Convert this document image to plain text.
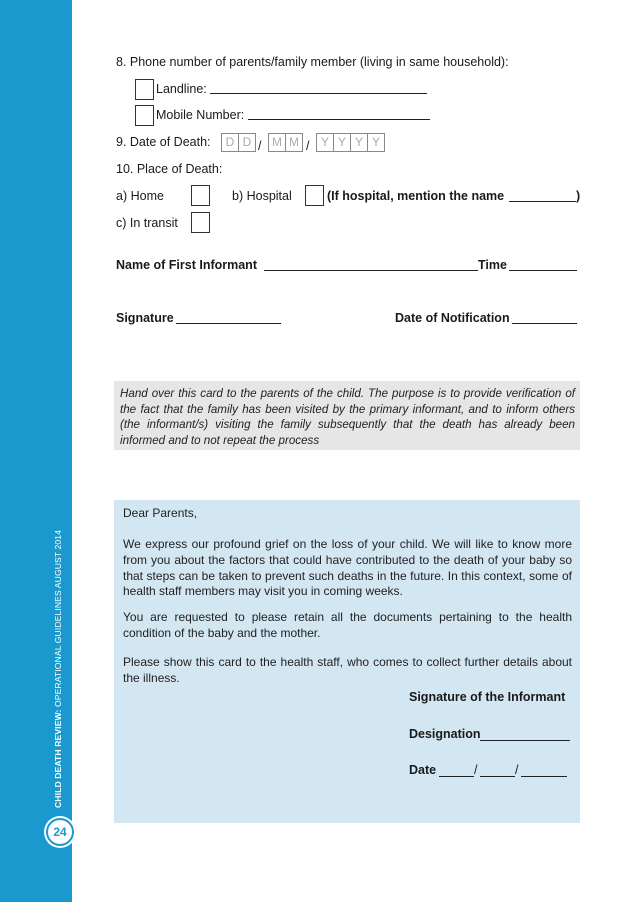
CHILD DEATH REVIEW: OPERATIONAL GUIDELINES AUGUST 2014
24
8. Phone number of parents/family member (living in same household):
Landline:
Mobile Number:
9. Date of Death:	D D / M M / Y Y Y Y
10. Place of Death:
a) Home	b) Hospital	(If hospital, mention the name	)
c) In transit
Name of First Informant	Time
Signature	Date of Notification

Hand over this card to the parents of the child. The purpose is to provide verification of the fact that the family has been visited by the primary informant, and to inform others (the informant/s) visiting the family subsequently that the death has already been informed and to not repeat the process

Dear Parents,

We express our profound grief on the loss of your child. We will like to know more from you about the factors that could have contributed to the death of your baby so that steps can be taken to prevent such deaths in the future. In this context, some of health staff members may visit you in coming weeks.

You are requested to please retain all the documents pertaining to the health condition of the baby and the mother.

Please show this card to the health staff, who comes to collect further details about the illness.

Signature of the Informant
Designation
Date	/	/
